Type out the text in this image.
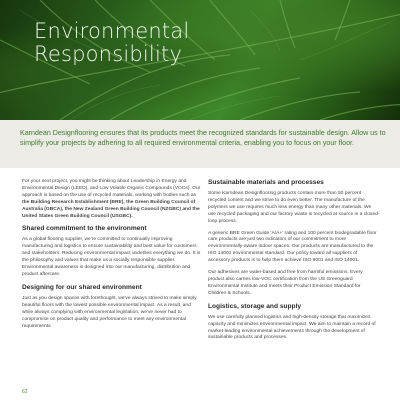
Environmental
Responsibility
Karndean Designflooring ensures that its products meet the recognized standards for sustainable design. Allow us to simplify your projects by adhering to all required environmental criteria, enabling you to focus on your floor.

For your next project, you might be thinking about Leadership in Energy and Environmental Design (LEED), and Low Volatile Organic Compounds (VOCs). Our approach is based on the use of recycled materials, working with bodies such as the Building Research Establishment (BRE), the Green Building Council of Australia (GBCA), the New Zealand Green Building Council (NZGBC) and the United States Green Building Council (USGBC).

Shared commitment to the environment

As a global flooring supplier, we're committed to continually improving manufacturing and logistics to ensure sustainability and best value for customers and stakeholders. Reducing environmental impact underlies everything we do. It is the philosophy and values that make us a socially responsible supplier. Environmental awareness is designed into our manufacturing, distribution and product aftercare.

Designing for our shared environment

Just as you design spaces with forethought, we've always strived to make simply beautiful floors with the lowest possible environmental impact. As a result, and while always complying with environmental legislation, we've never had to compromise on product quality and performance to meet any environmental requirements.

Sustainable materials and processes

Some Karndean Designflooring products contain more than 50 percent recycled content and we strive to do even better. The manufacture of the polymers we use requires much less energy than many other materials. We use recycled packaging and our factory waste is recycled at source in a closed-loop process.

A generic BRE Green Guide 'A/A+' rating and 100 percent biodegradable floor care products are just two indicators of our commitment to more environmentally-aware indoor spaces. Our products are manufactured to the ISO 14001 environmental standard. Our policy toward all suppliers of accessory products is to help them achieve ISO 9001 and ISO 14001.

Our adhesives are water-based and free from harmful emissions. Every product also carries low-VOC certification from the US Greenguard Environmental Institute and meets their Product Emission Standard for Children & Schools.

Logistics, storage and supply

We use carefully planned logistics and high-density storage that maximizes capacity and minimizes environmental impact. We aim to maintain a record of market-leading environmental achievements through the development of sustainable products and processes.

62
